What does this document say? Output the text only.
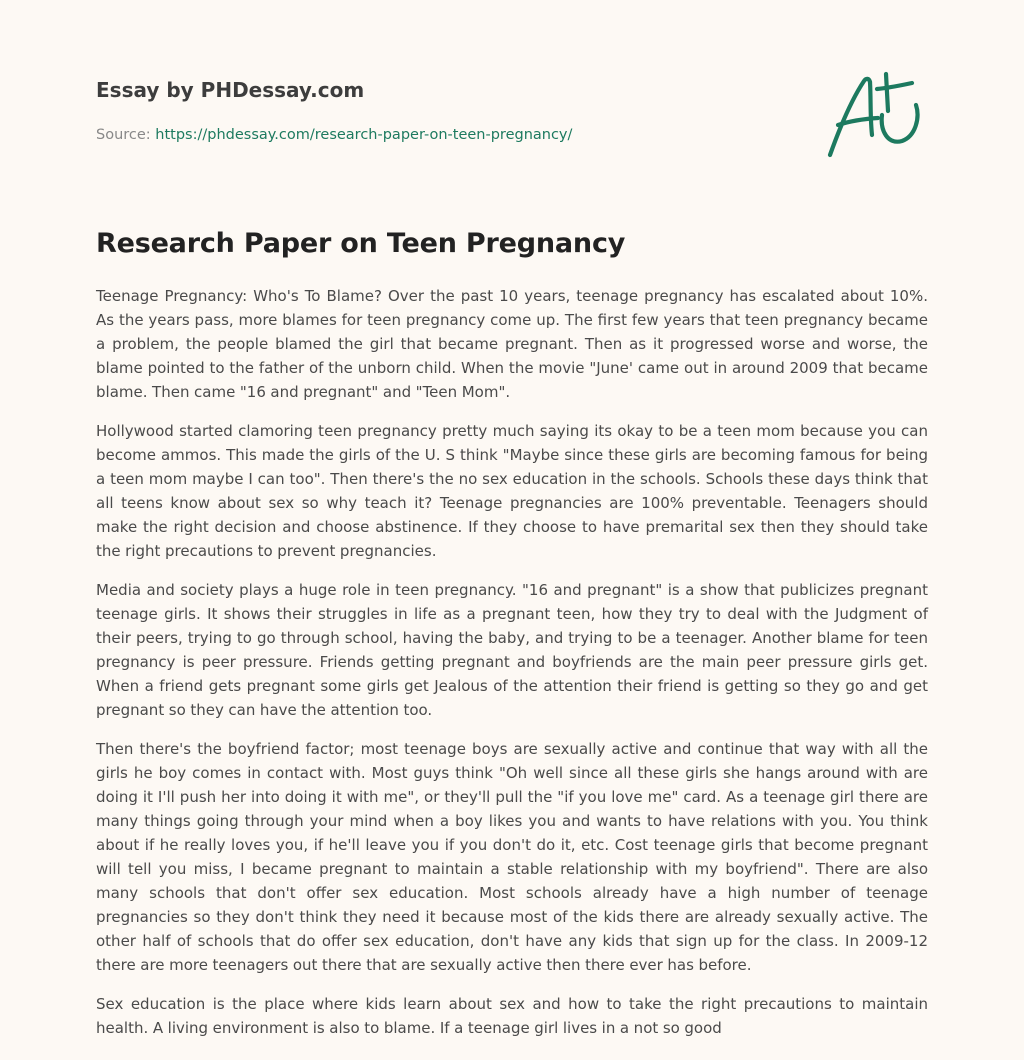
Essay by PHDessay.com
Source: https://phdessay.com/research-paper-on-teen-pregnancy/
Research Paper on Teen Pregnancy

Teenage Pregnancy: Who's To Blame? Over the past 10 years, teenage pregnancy has escalated about 10%. As the years pass, more blames for teen pregnancy come up. The first few years that teen pregnancy became a problem, the people blamed the girl that became pregnant. Then as it progressed worse and worse, the blame pointed to the father of the unborn child. When the movie "June' came out in around 2009 that became blame. Then came "16 and pregnant" and "Teen Mom".

Hollywood started clamoring teen pregnancy pretty much saying its okay to be a teen mom because you can become ammos. This made the girls of the U. S think "Maybe since these girls are becoming famous for being a teen mom maybe I can too". Then there's the no sex education in the schools. Schools these days think that all teens know about sex so why teach it? Teenage pregnancies are 100% preventable. Teenagers should make the right decision and choose abstinence. If they choose to have premarital sex then they should take the right precautions to prevent pregnancies.

Media and society plays a huge role in teen pregnancy. "16 and pregnant" is a show that publicizes pregnant teenage girls. It shows their struggles in life as a pregnant teen, how they try to deal with the Judgment of their peers, trying to go through school, having the baby, and trying to be a teenager. Another blame for teen pregnancy is peer pressure. Friends getting pregnant and boyfriends are the main peer pressure girls get. When a friend gets pregnant some girls get Jealous of the attention their friend is getting so they go and get pregnant so they can have the attention too.

Then there's the boyfriend factor; most teenage boys are sexually active and continue that way with all the girls he boy comes in contact with. Most guys think "Oh well since all these girls she hangs around with are doing it I'll push her into doing it with me", or they'll pull the "if you love me" card. As a teenage girl there are many things going through your mind when a boy likes you and wants to have relations with you. You think about if he really loves you, if he'll leave you if you don't do it, etc. Cost teenage girls that become pregnant will tell you miss, I became pregnant to maintain a stable relationship with my boyfriend". There are also many schools that don't offer sex education. Most schools already have a high number of teenage pregnancies so they don't think they need it because most of the kids there are already sexually active. The other half of schools that do offer sex education, don't have any kids that sign up for the class. In 2009-12 there are more teenagers out there that are sexually active then there ever has before.

Sex education is the place where kids learn about sex and how to take the right precautions to maintain health. A living environment is also to blame. If a teenage girl lives in a not so good
